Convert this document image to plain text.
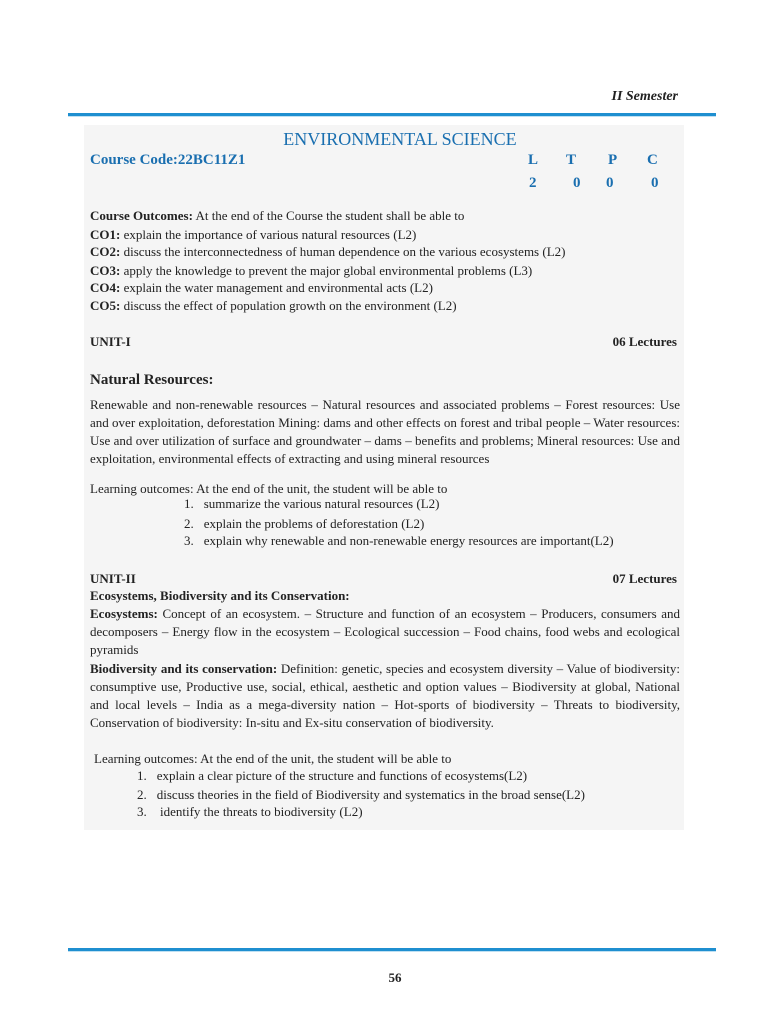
II Semester
ENVIRONMENTAL SCIENCE
Course Code:22BC11Z1	L T P C
2 0 0	0
Course Outcomes: At the end of the Course the student shall be able to
CO1: explain the importance of various natural resources (L2)
CO2: discuss the interconnectedness of human dependence on the various ecosystems (L2)
CO3: apply the knowledge to prevent the major global environmental problems (L3)
CO4: explain the water management and environmental acts (L2)
CO5: discuss the effect of population growth on the environment (L2)
UNIT-I	06 Lectures
Natural Resources:
Renewable and non-renewable resources – Natural resources and associated problems – Forest resources: Use and over exploitation, deforestation Mining: dams and other effects on forest and tribal people – Water resources: Use and over utilization of surface and groundwater – dams – benefits and problems; Mineral resources: Use and exploitation, environmental effects of extracting and using mineral resources
Learning outcomes: At the end of the unit, the student will be able to
1. summarize the various natural resources (L2)
2. explain the problems of deforestation (L2)
3. explain why renewable and non-renewable energy resources are important(L2)
UNIT-II	07 Lectures
Ecosystems, Biodiversity and its Conservation:
Ecosystems: Concept of an ecosystem. – Structure and function of an ecosystem – Producers, consumers and decomposers – Energy flow in the ecosystem – Ecological succession – Food chains, food webs and ecological pyramids
Biodiversity and its conservation: Definition: genetic, species and ecosystem diversity – Value of biodiversity: consumptive use, Productive use, social, ethical, aesthetic and option values – Biodiversity at global, National and local levels – India as a mega-diversity nation – Hot-sports of biodiversity – Threats to biodiversity, Conservation of biodiversity: In-situ and Ex-situ conservation of biodiversity.
Learning outcomes: At the end of the unit, the student will be able to
1. explain a clear picture of the structure and functions of ecosystems(L2)
2. discuss theories in the field of Biodiversity and systematics in the broad sense(L2)
3. identify the threats to biodiversity (L2)
56
